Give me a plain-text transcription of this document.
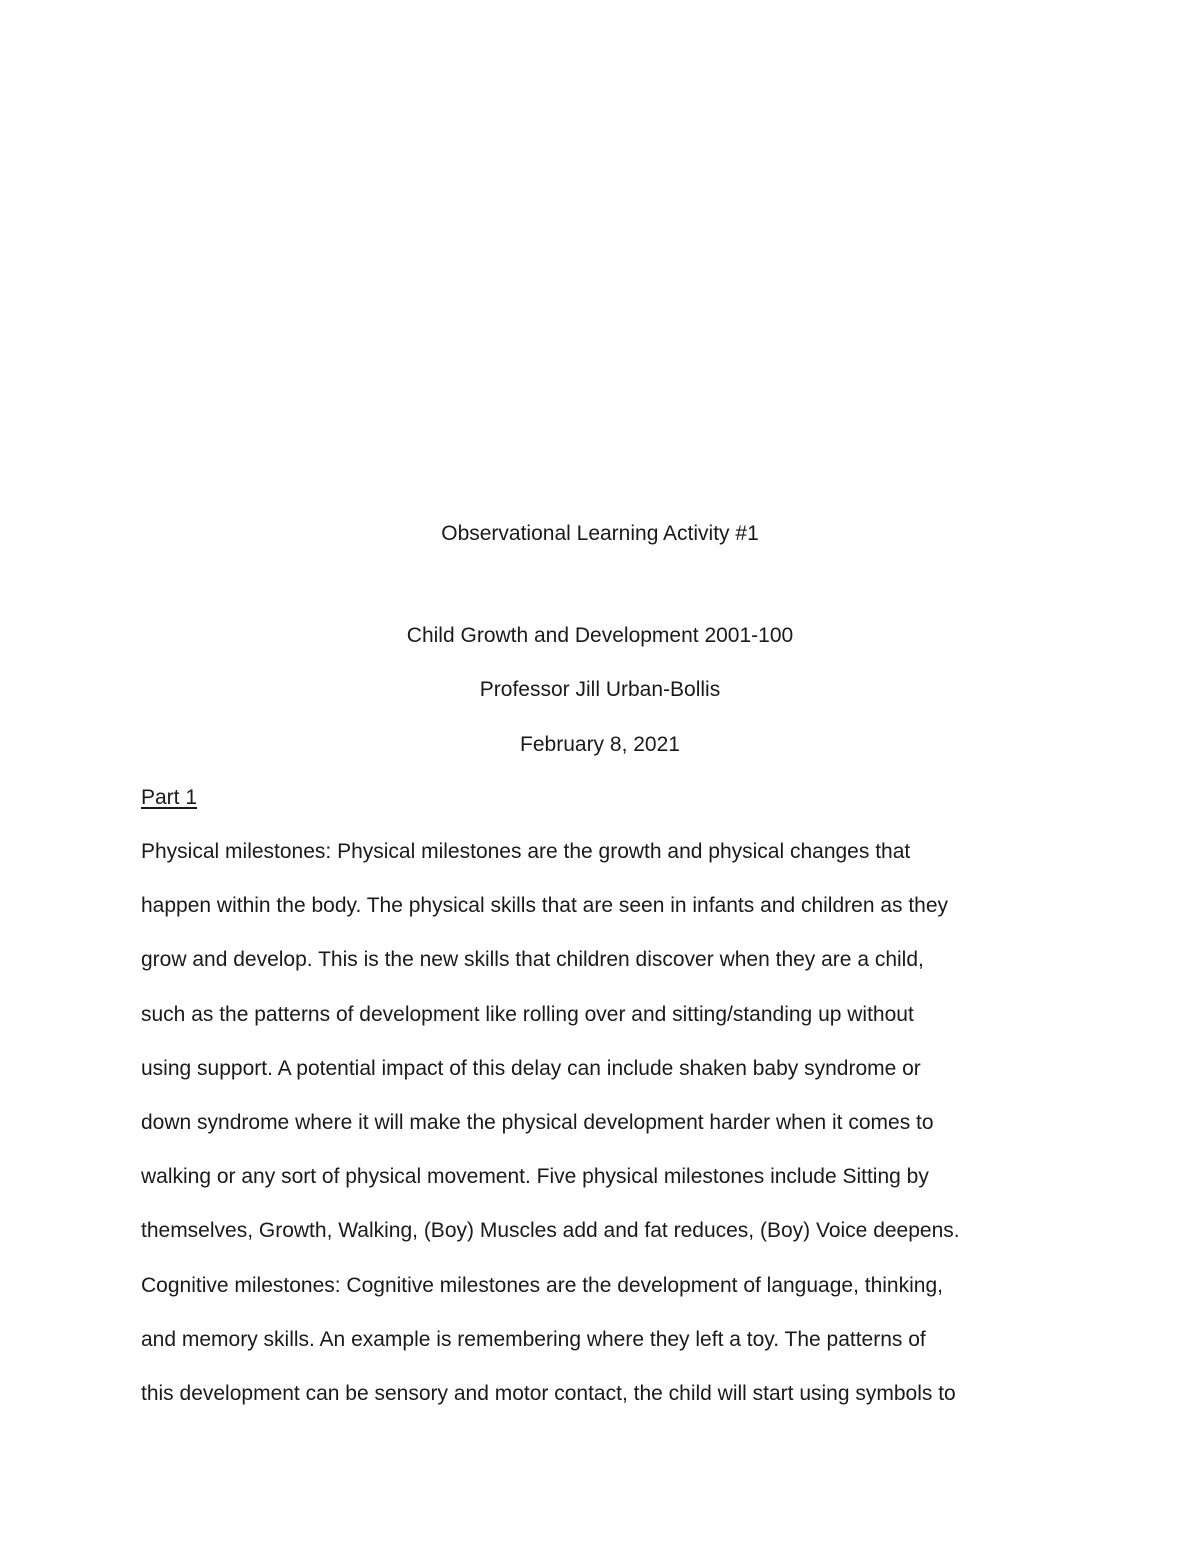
Observational Learning Activity #1
Child Growth and Development 2001-100
Professor Jill Urban-Bollis
February 8, 2021
Part 1
Physical milestones: Physical milestones are the growth and physical changes that
happen within the body. The physical skills that are seen in infants and children as they
grow and develop. This is the new skills that children discover when they are a child,
such as the patterns of development like rolling over and sitting/standing up without
using support. A potential impact of this delay can include shaken baby syndrome or
down syndrome where it will make the physical development harder when it comes to
walking or any sort of physical movement. Five physical milestones include Sitting by
themselves, Growth, Walking, (Boy) Muscles add and fat reduces, (Boy) Voice deepens.
Cognitive milestones: Cognitive milestones are the development of language, thinking,
and memory skills. An example is remembering where they left a toy. The patterns of
this development can be sensory and motor contact, the child will start using symbols to
